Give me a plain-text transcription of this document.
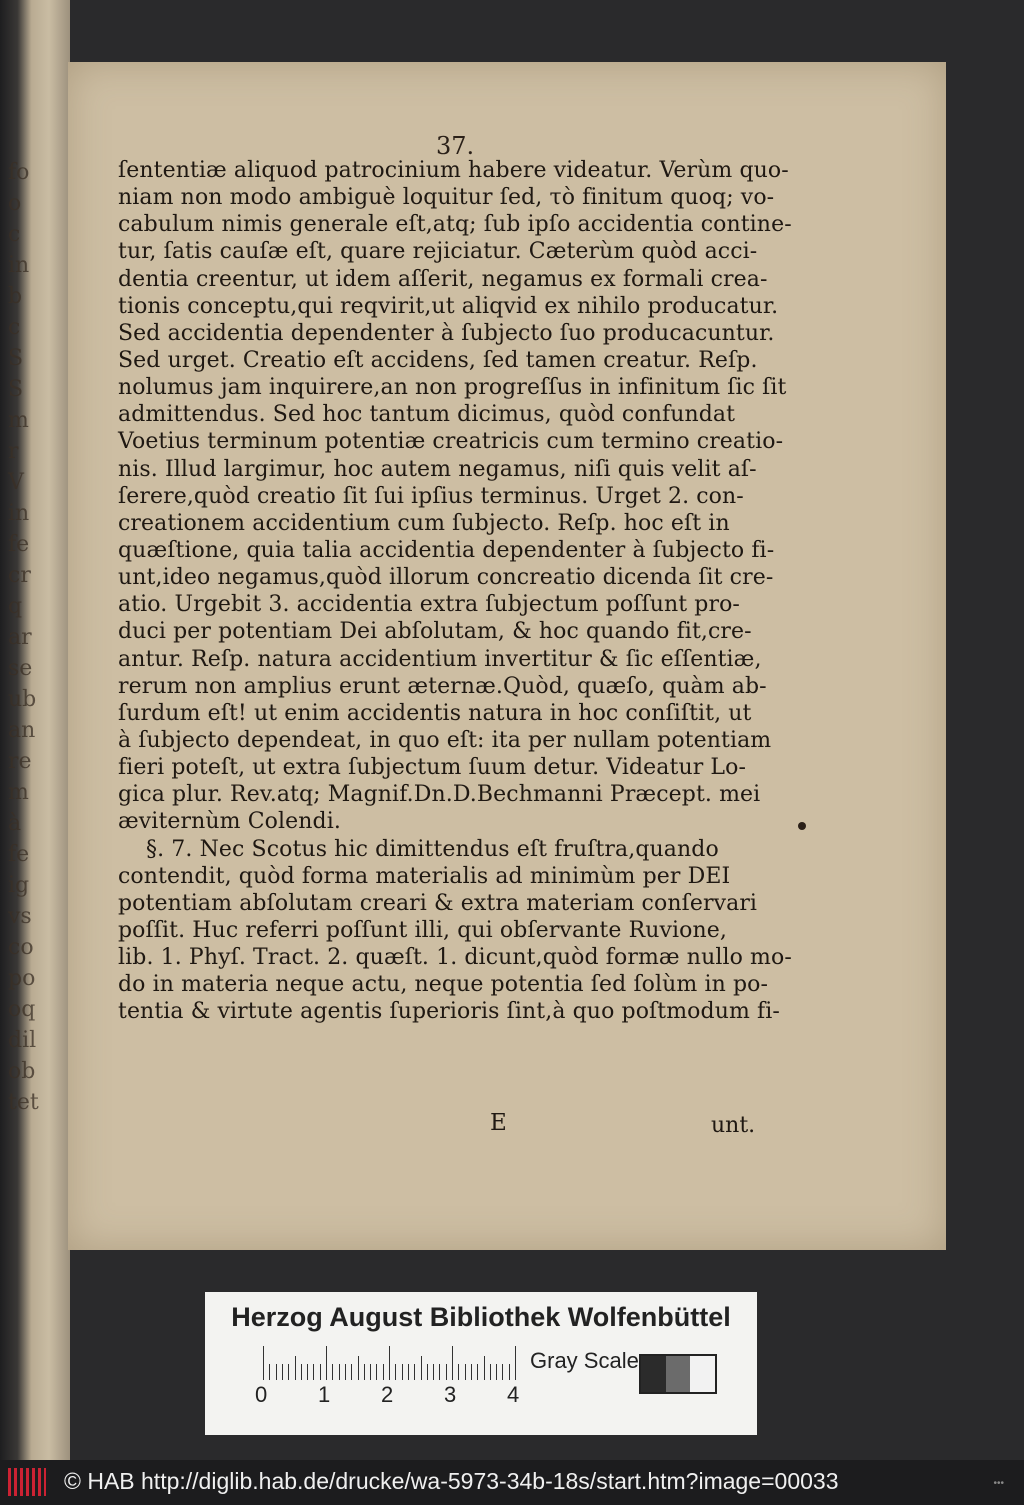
fo
o
c
in
b
c
S
S
m
r
V
in
fe
cr
q
ar
se
ub
an
re
m
à
fe
ig
vs
co
po
oq
dil
ob
tet
37.
ſententiæ aliquod patrocinium habere videatur. Verùm quo-
niam non modo ambiguè loquitur ſed, τὸ finitum quoq; vo-
cabulum nimis generale eſt,atq; ſub ipſo accidentia contine-
tur, ſatis cauſæ eſt, quare rejiciatur. Cæterùm quòd acci-
dentia creentur, ut idem aſſerit, negamus ex formali crea-
tionis conceptu,qui reqvirit,ut aliqvid ex nihilo producatur.
Sed accidentia dependenter à ſubjecto ſuo producacuntur.
Sed urget. Creatio eſt accidens, ſed tamen creatur. Reſp.
nolumus jam inquirere,an non progreſſus in infinitum ſic ſit
admittendus. Sed hoc tantum dicimus, quòd confundat
Voetius terminum potentiæ creatricis cum termino creatio-
nis. Illud largimur, hoc autem negamus, niſi quis velit aſ-
ſerere,quòd creatio ſit ſui ipſius terminus. Urget 2. con-
creationem accidentium cum ſubjecto. Reſp. hoc eſt in
quæſtione, quia talia accidentia dependenter à ſubjecto fi-
unt,ideo negamus,quòd illorum concreatio dicenda ſit cre-
atio. Urgebit 3. accidentia extra ſubjectum poſſunt pro-
duci per potentiam Dei abſolutam, & hoc quando fit,cre-
antur. Reſp. natura accidentium invertitur & ſic eſſentiæ,
rerum non amplius erunt æternæ.Quòd, quæſo, quàm ab-
ſurdum eſt! ut enim accidentis natura in hoc conſiſtit, ut
à ſubjecto dependeat, in quo eſt: ita per nullam potentiam
fieri poteſt, ut extra ſubjectum ſuum detur. Videatur Lo-
gica plur. Rev.atq; Magnif.Dn.D.Bechmanni Præcept. mei
æviternùm Colendi.
§. 7. Nec Scotus hic dimittendus eſt fruſtra,quando
contendit, quòd forma materialis ad minimùm per DEI
potentiam abſolutam creari & extra materiam conſervari
poſſit. Huc referri poſſunt illi, qui obſervante Ruvione,
lib. 1. Phyſ. Tract. 2. quæſt. 1. dicunt,quòd formæ nullo mo-
do in materia neque actu, neque potentia ſed ſolùm in po-
tentia & virtute agentis ſuperioris ſint,à quo poſtmodum fi-
E	unt.
Herzog August Bibliothek Wolfenbüttel
0 1 2 3 4
Gray Scale
© HAB http://diglib.hab.de/drucke/wa-5973-34b-18s/start.htm?image=00033	•••
